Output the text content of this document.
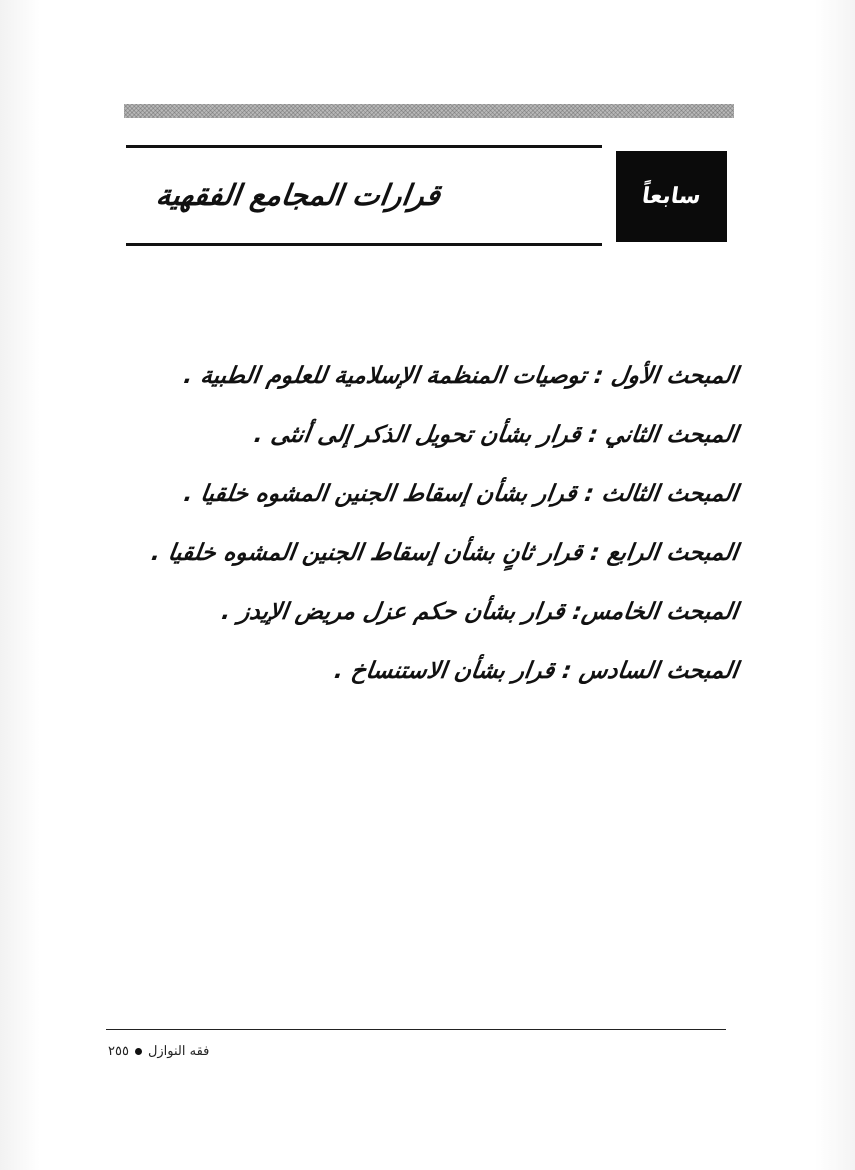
سابعاً
قرارات المجامع الفقهية
المبحث الأول : توصيات المنظمة الإسلامية للعلوم الطبية .
المبحث الثاني : قرار بشأن تحويل الذكر إلى أنثى .
المبحث الثالث : قرار بشأن إسقاط الجنين المشوه خلقيا .
المبحث الرابع : قرار ثانٍ بشأن إسقاط الجنين المشوه خلقيا .
المبحث الخامس: قرار بشأن حكم عزل مريض الإيدز .
المبحث السادس : قرار بشأن الاستنساخ .
فقه النوازل٢٥٥
